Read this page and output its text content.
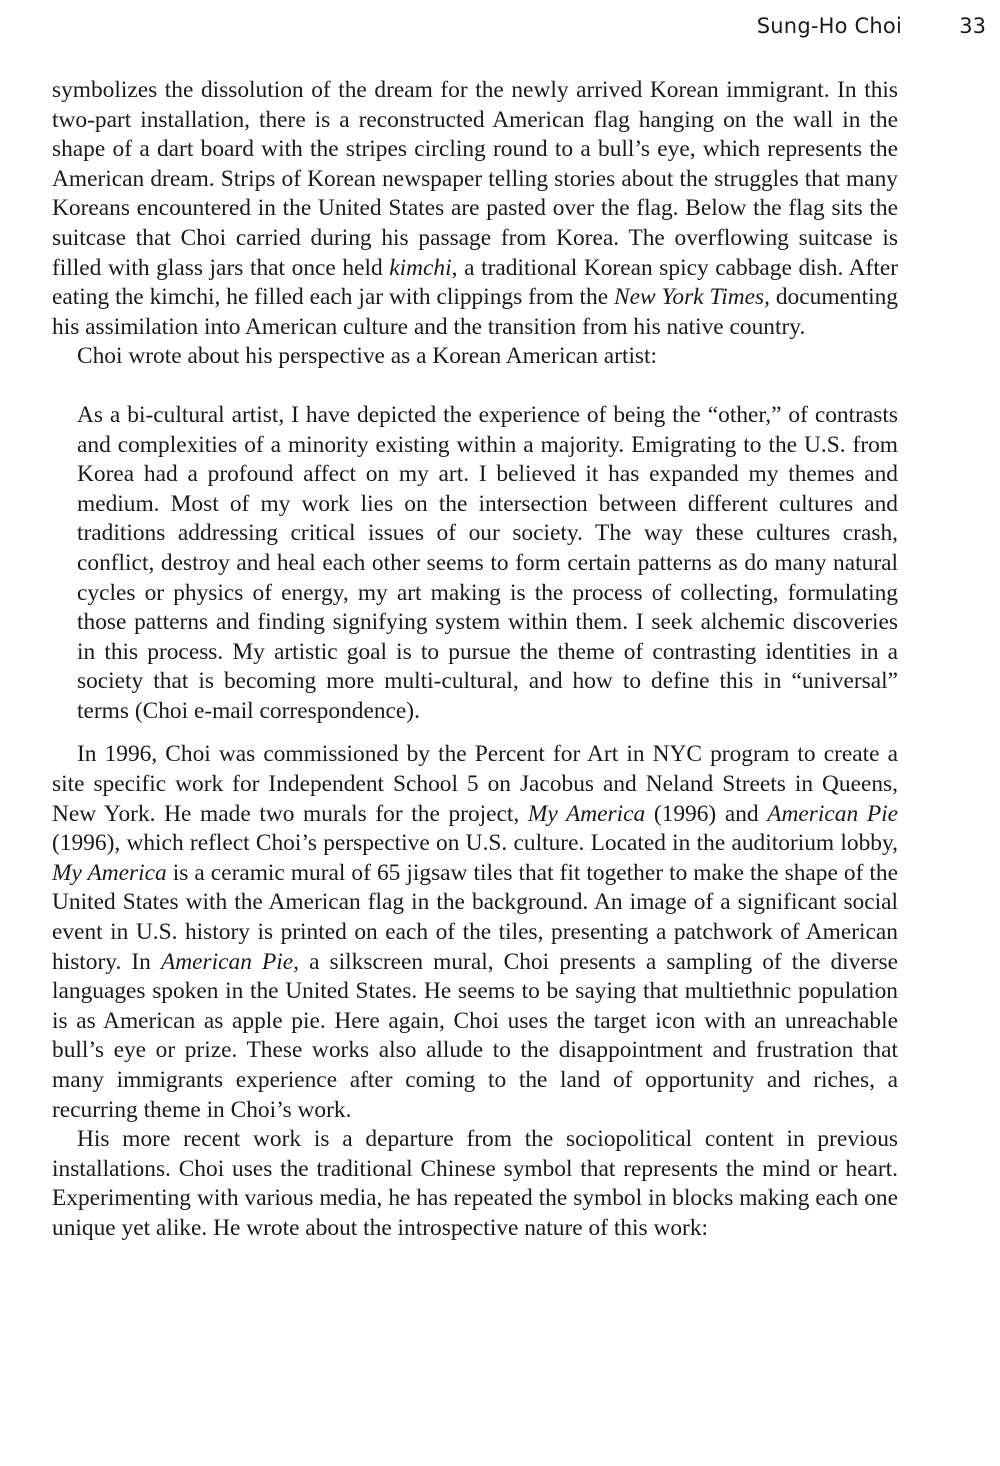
Sung-Ho Choi	33

symbolizes the dissolution of the dream for the newly arrived Korean immigrant. In this two-part installation, there is a reconstructed American flag hanging on the wall in the shape of a dart board with the stripes circling round to a bull’s eye, which represents the American dream. Strips of Korean newspaper telling stories about the struggles that many Koreans encountered in the United States are pasted over the flag. Below the flag sits the suitcase that Choi carried during his passage from Korea. The overflowing suitcase is filled with glass jars that once held kimchi, a traditional Korean spicy cabbage dish. After eating the kimchi, he filled each jar with clippings from the New York Times, documenting his assimilation into American culture and the transition from his native country.

Choi wrote about his perspective as a Korean American artist:

As a bi-cultural artist, I have depicted the experience of being the “other,” of contrasts and complexities of a minority existing within a majority. Emigrating to the U.S. from Korea had a profound affect on my art. I believed it has expanded my themes and medium. Most of my work lies on the intersection between different cultures and traditions addressing critical issues of our society. The way these cultures crash, conflict, destroy and heal each other seems to form certain patterns as do many natural cycles or physics of energy, my art making is the process of collecting, formulating those patterns and finding signifying system within them. I seek alchemic discoveries in this process. My artistic goal is to pursue the theme of contrasting identities in a society that is becoming more multi-cultural, and how to define this in “universal” terms (Choi e-mail correspondence).

In 1996, Choi was commissioned by the Percent for Art in NYC program to create a site specific work for Independent School 5 on Jacobus and Neland Streets in Queens, New York. He made two murals for the project, My America (1996) and American Pie (1996), which reflect Choi’s perspective on U.S. culture. Located in the auditorium lobby, My America is a ceramic mural of 65 jigsaw tiles that fit together to make the shape of the United States with the American flag in the background. An image of a significant social event in U.S. history is printed on each of the tiles, presenting a patchwork of American history. In American Pie, a silkscreen mural, Choi presents a sampling of the diverse languages spoken in the United States. He seems to be saying that multiethnic population is as American as apple pie. Here again, Choi uses the target icon with an unreachable bull’s eye or prize. These works also allude to the disappointment and frustration that many immigrants experience after coming to the land of opportunity and riches, a recurring theme in Choi’s work.

His more recent work is a departure from the sociopolitical content in previous installations. Choi uses the traditional Chinese symbol that represents the mind or heart. Experimenting with various media, he has repeated the symbol in blocks making each one unique yet alike. He wrote about the introspective nature of this work:
